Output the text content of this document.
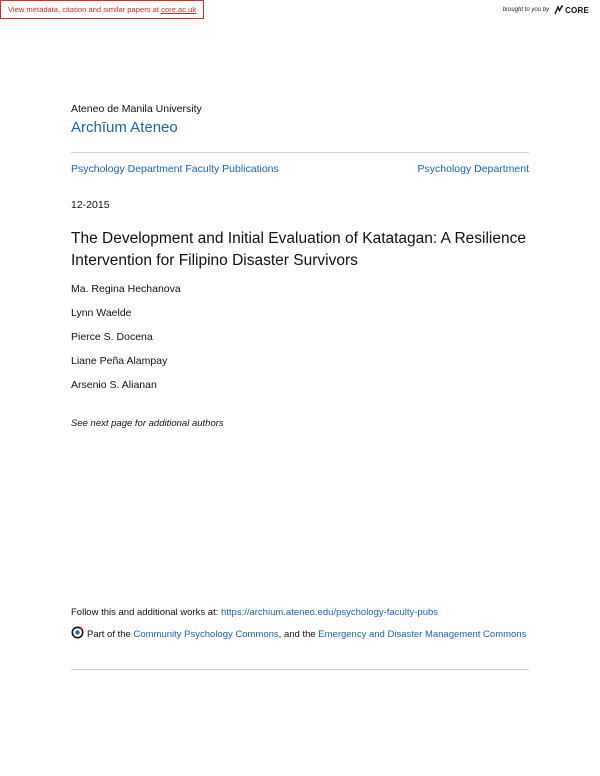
View metadata, citation and similar papers at core.ac.uk	brought to you by CORE
Ateneo de Manila University
Archīum Ateneo
Psychology Department Faculty Publications	Psychology Department
12-2015
The Development and Initial Evaluation of Katatagan: A Resilience Intervention for Filipino Disaster Survivors
Ma. Regina Hechanova
Lynn Waelde
Pierce S. Docena
Liane Peña Alampay
Arsenio S. Alianan
See next page for additional authors
Follow this and additional works at: https://archium.ateneo.edu/psychology-faculty-pubs
Part of the Community Psychology Commons, and the Emergency and Disaster Management Commons
